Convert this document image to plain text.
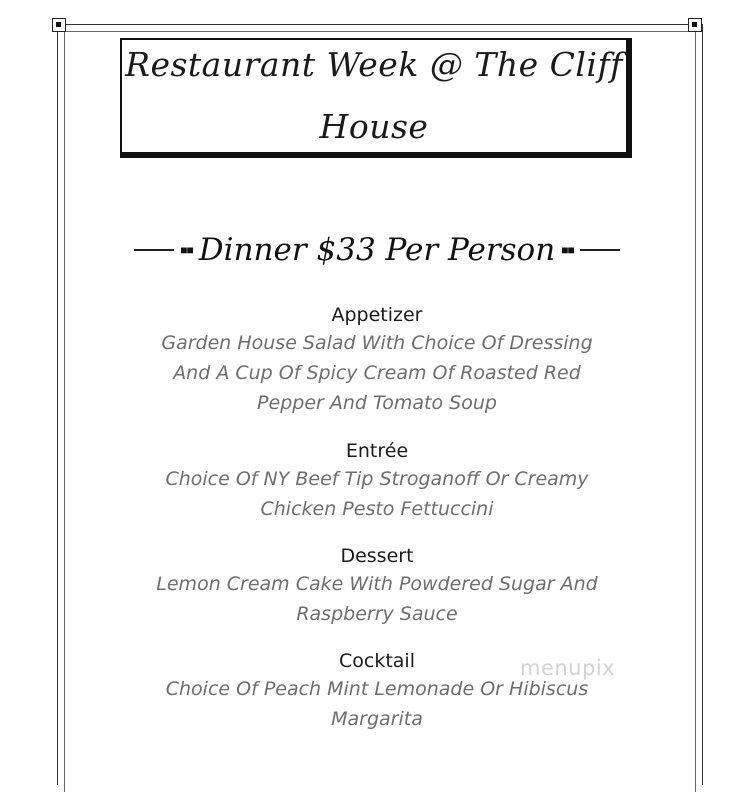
Restaurant Week @ The Cliff
House
■■ Dinner $33 Per Person ■■
Appetizer
Garden House Salad With Choice Of Dressing
And A Cup Of Spicy Cream Of Roasted Red
Pepper And Tomato Soup
Entrée
Choice Of NY Beef Tip Stroganoff Or Creamy
Chicken Pesto Fettuccini
Dessert
Lemon Cream Cake With Powdered Sugar And
Raspberry Sauce
Cocktail
Choice Of Peach Mint Lemonade Or Hibiscus
Margarita
menupix
